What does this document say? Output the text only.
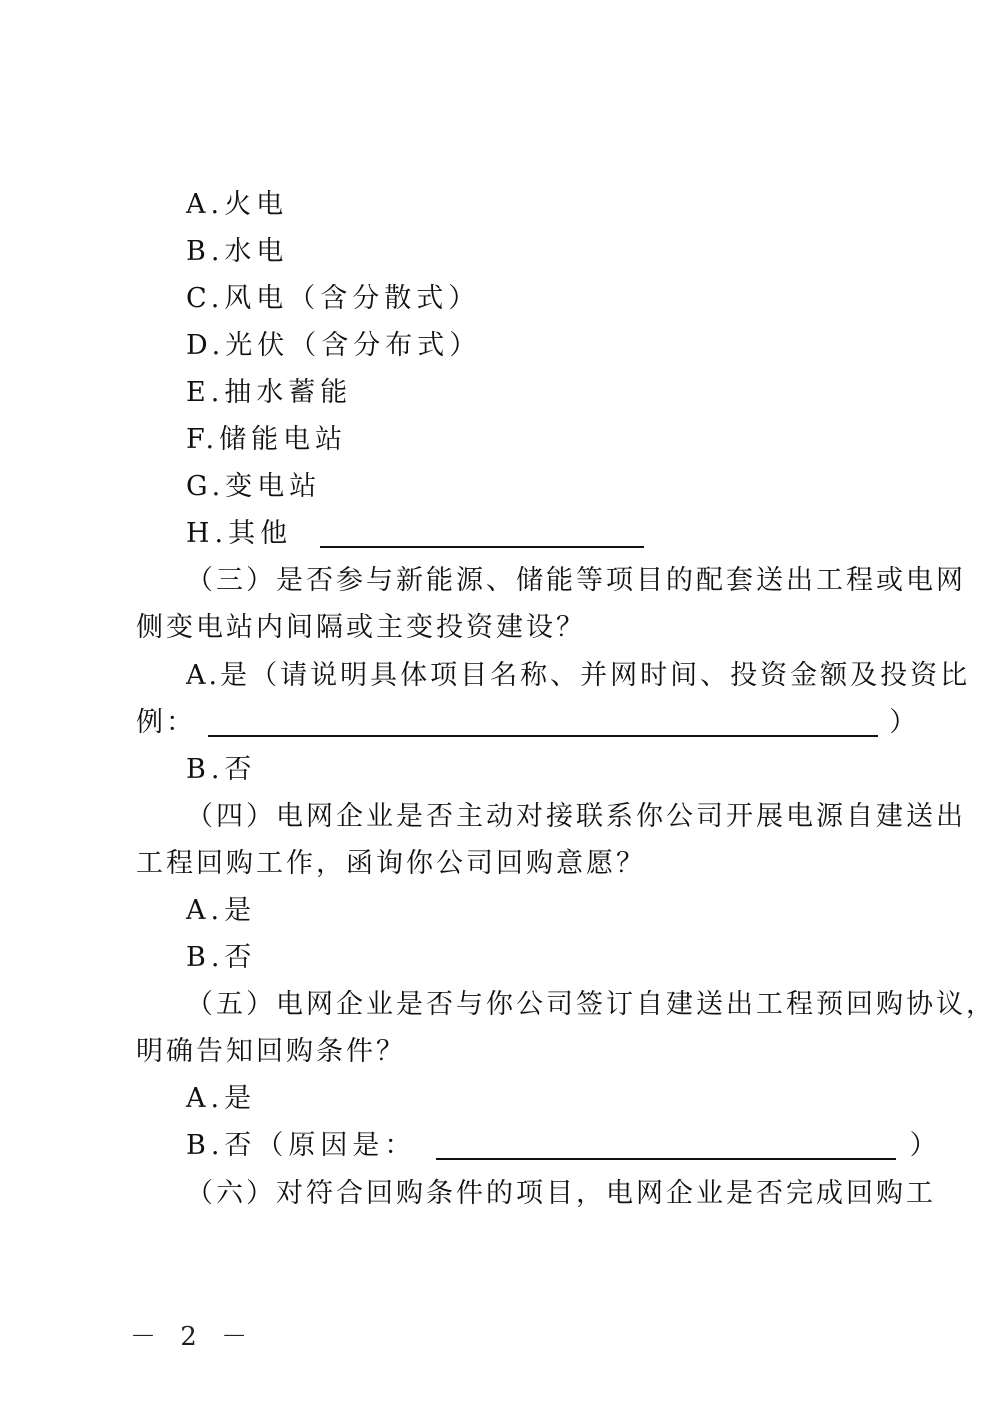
A.火电
B.水电
C.风电（含分散式）
D.光伏（含分布式）
E.抽水蓄能
F.储能电站
G.变电站
H.其他
（三）是否参与新能源、储能等项目的配套送出工程或电网
侧变电站内间隔或主变投资建设？
A.是（请说明具体项目名称、并网时间、投资金额及投资比
例：	）
B.否
（四）电网企业是否主动对接联系你公司开展电源自建送出
工程回购工作，函询你公司回购意愿？
A.是
B.否
（五）电网企业是否与你公司签订自建送出工程预回购协议，
明确告知回购条件？
A.是
B.否（原因是：	）
（六）对符合回购条件的项目，电网企业是否完成回购工
－ 2 －
